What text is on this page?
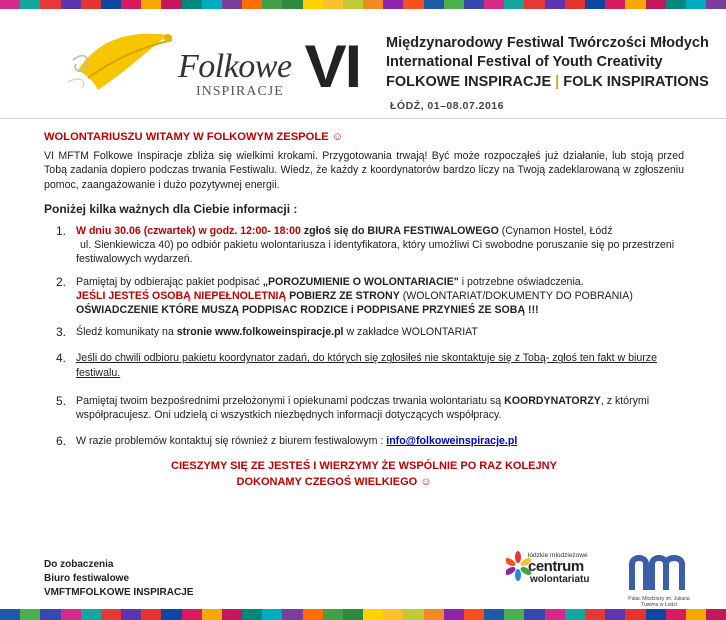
Folkowe
INSPIRACJE VI Międzynarodowy Festiwal Twórczości Młodych
International Festival of Youth Creativity
FOLKOWE INSPIRACJE | FOLK INSPIRATIONS
ŁÓDŹ, 01–08.07.2016
WOLONTARIUSZU WITAMY W FOLKOWYM ZESPOLE ☺

VI MFTM Folkowe Inspiracje zbliża się wielkimi krokami. Przygotowania trwają! Być może rozpocząłeś już działanie, lub stoją przed Tobą zadania dopiero podczas trwania Festiwalu. Wiedz, że każdy z koordynatorów bardzo liczy na Twoją zadeklarowaną w zgłoszeniu pomoc, zaangażowanie i dużo pozytywnej energii.

Poniżej kilka ważnych dla Ciebie informacji :
1. W dniu 30.06 (czwartek) w godz. 12:00- 18:00 zgłoś się do BIURA FESTIWALOWEGO (Cynamon Hostel, Łódź
ul. Sienkiewicza 40) po odbiór pakietu wolontariusza i identyfikatora, który umożliwi Ci swobodne poruszanie się po przestrzeni festiwalowych wydarzeń.
2. Pamiętaj by odbierając pakiet podpisać „POROZUMIENIE O WOLONTARIACIE" i potrzebne oświadczenia.
JEŚLI JESTEŚ OSOBĄ NIEPEŁNOLETNIĄ POBIERZ ZE STRONY (WOLONTARIAT/DOKUMENTY DO POBRANIA)
OŚWIADCZENIE KTÓRE MUSZĄ PODPISAC RODZICE i PODPISANE PRZYNIEŚ ZE SOBĄ !!!
3. Śledź komunikaty na stronie www.folkoweinspiracje.pl w zakładce WOLONTARIAT
4. Jeśli do chwili odbioru pakietu koordynator zadań, do których się zgłosiłeś nie skontaktuje się z Tobą- zgłoś ten fakt w biurze festiwalu.
5. Pamiętaj twoim bezpośrednimi przełożonymi i opiekunami podczas trwania wolontariatu są KOORDYNATORZY, z którymi współpracujesz. Oni udzielą ci wszystkich niezbędnych informacji dotyczących współpracy.
6. W razie problemów kontaktuj się również z biurem festiwalowym : info@folkoweinspiracje.pl
CIESZYMY SIĘ ZE JESTEŚ I WIERZYMY ŻE WSPÓLNIE PO RAZ KOLEJNY
DOKONAMY CZEGOŚ WIELKIEGO ☺
Do zobaczenia
Biuro festiwalowe
VMFTMFOLKOWE INSPIRACJE
łódzkie młodzieżowe
centrum
wolontariatu
Pałac Młodzieży im. Juliana Tuwima w Łodzi
